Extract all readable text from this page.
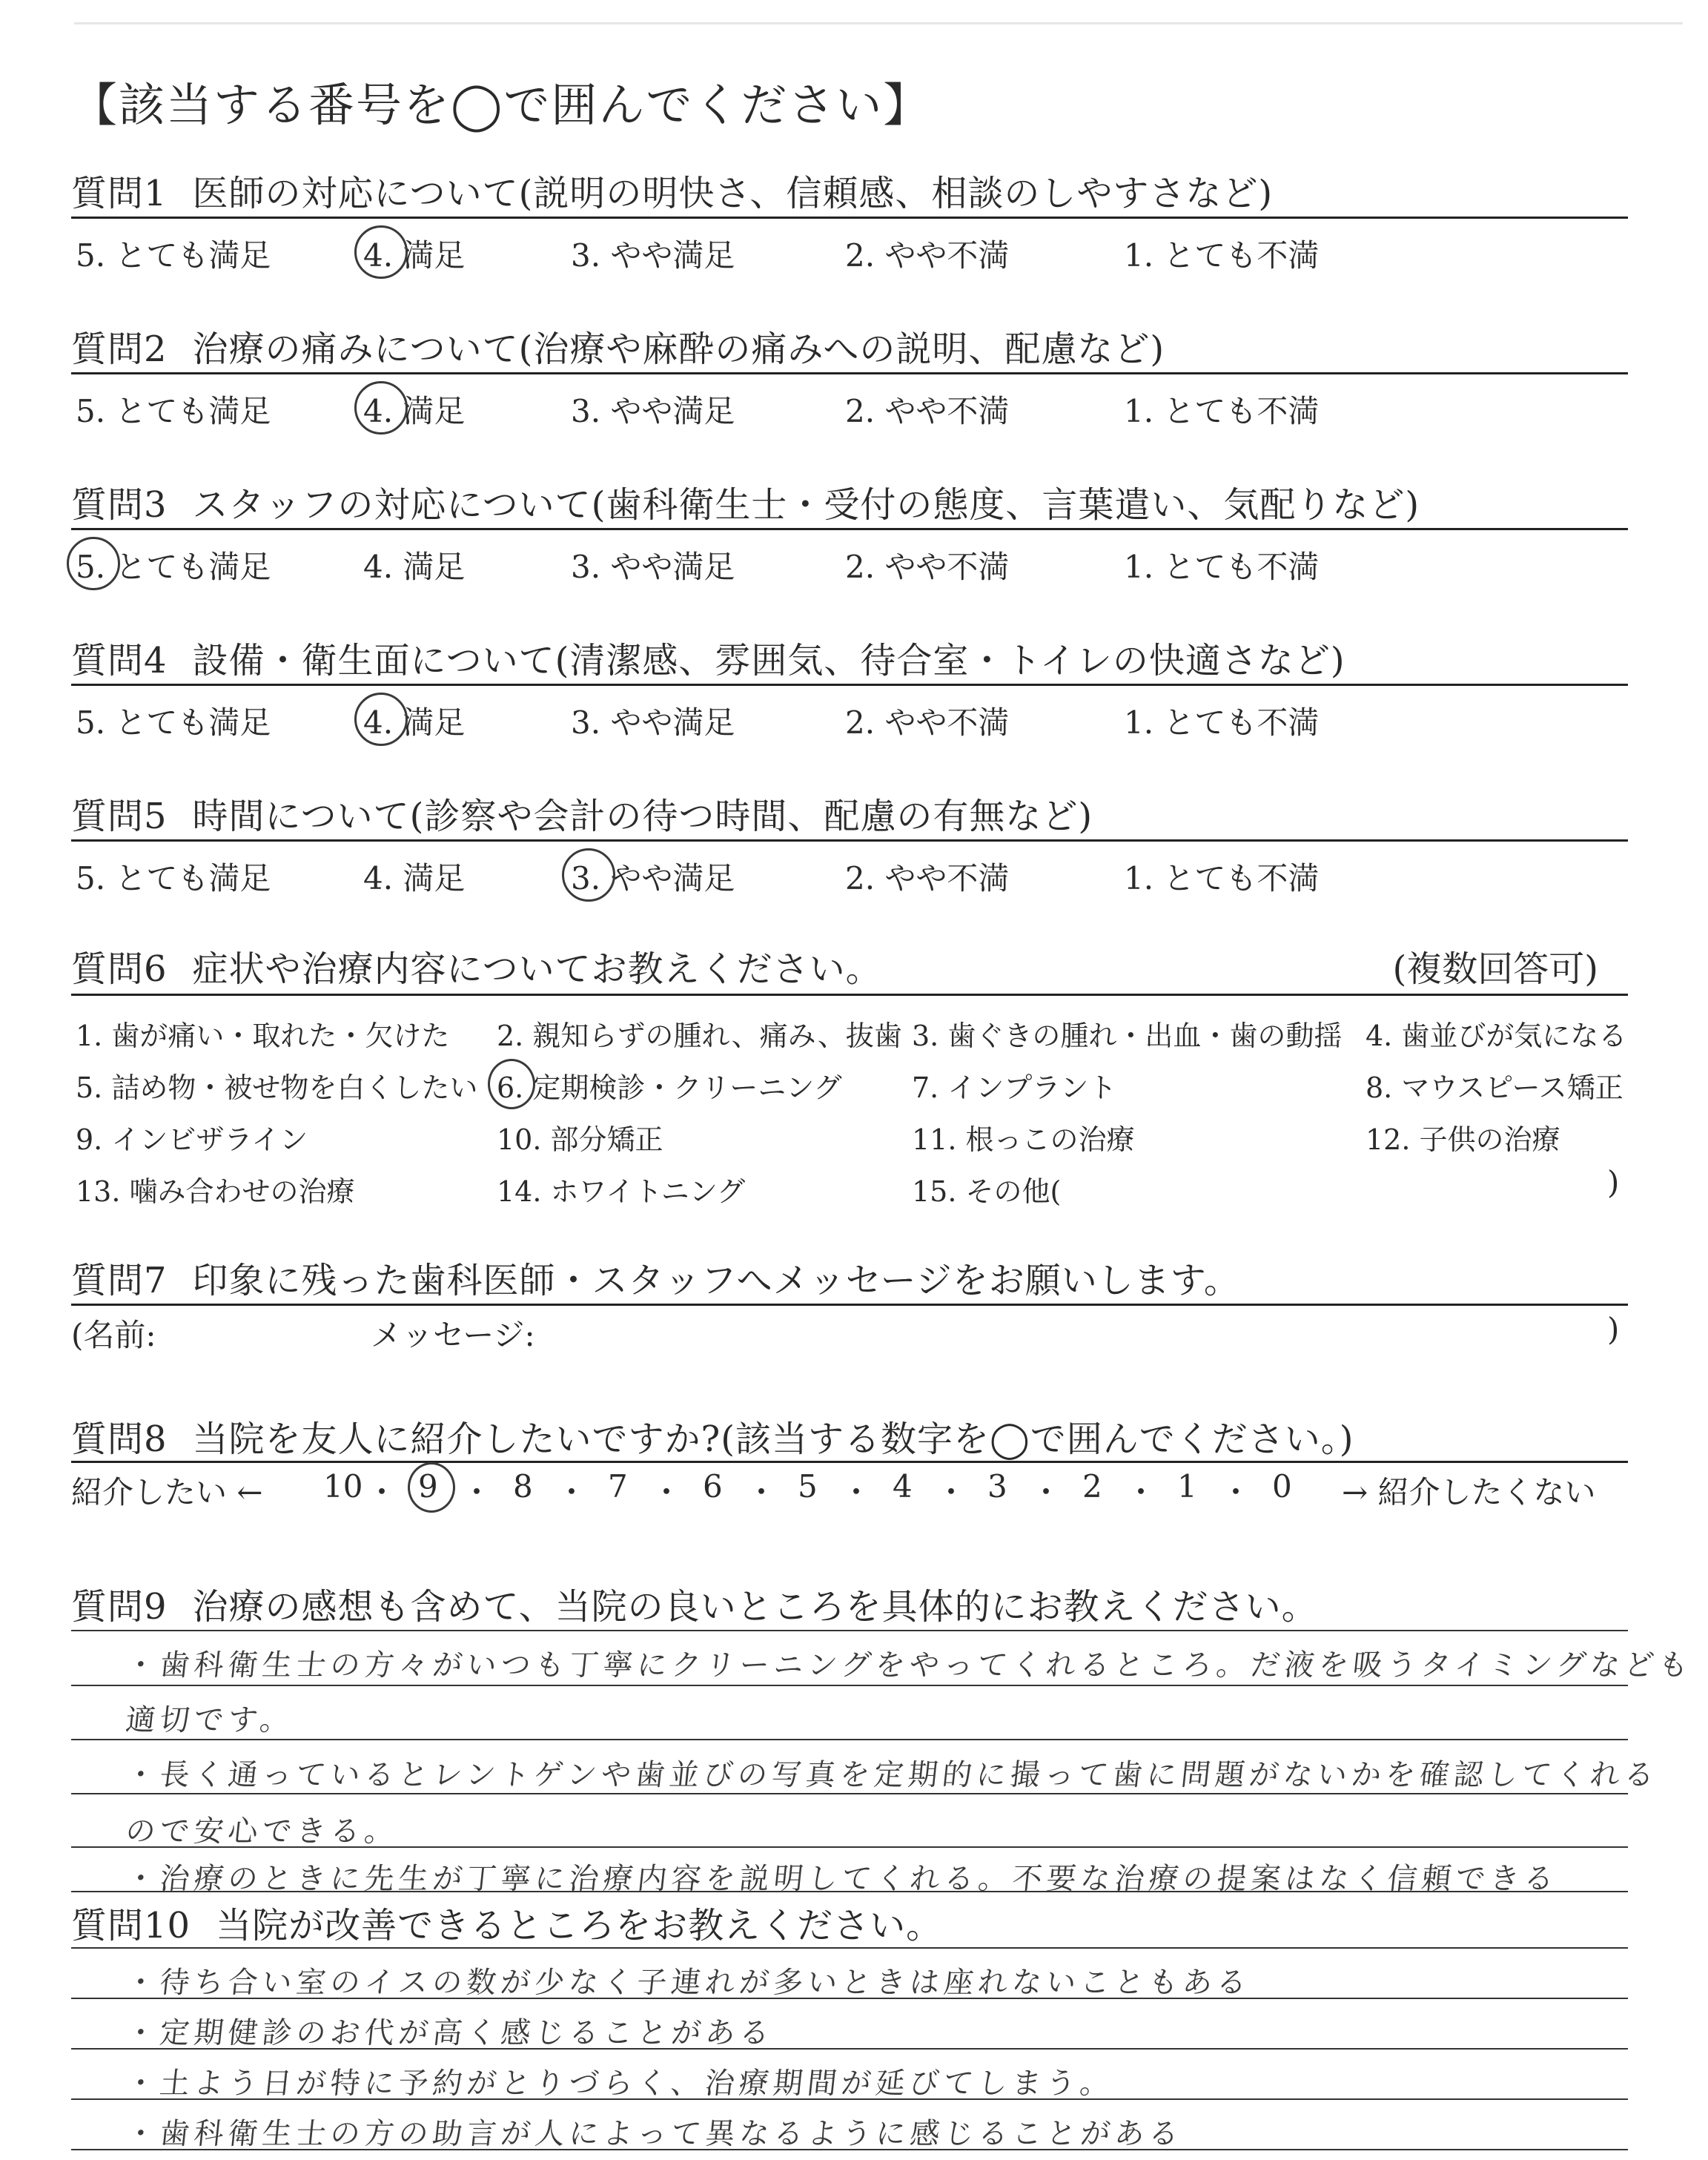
【該当する番号を◯で囲んでください】
質問1 医師の対応について(説明の明快さ、信頼感、相談のしやすさなど)
5. とても満足	4. 満足	3. やや満足	2. やや不満	1. とても不満
質問2 治療の痛みについて(治療や麻酔の痛みへの説明、配慮など)
5. とても満足	4. 満足	3. やや満足	2. やや不満	1. とても不満
質問3 スタッフの対応について(歯科衛生士・受付の態度、言葉遣い、気配りなど)
5. とても満足	4. 満足	3. やや満足	2. やや不満	1. とても不満
質問4 設備・衛生面について(清潔感、雰囲気、待合室・トイレの快適さなど)
5. とても満足	4. 満足	3. やや満足	2. やや不満	1. とても不満
質問5 時間について(診察や会計の待つ時間、配慮の有無など)
5. とても満足	4. 満足	3. やや満足	2. やや不満	1. とても不満
質問6 症状や治療内容についてお教えください。	(複数回答可)
1. 歯が痛い・取れた・欠けた 2. 親知らずの腫れ、痛み、抜歯 3. 歯ぐきの腫れ・出血・歯の動揺 4. 歯並びが気になる
5. 詰め物・被せ物を白くしたい 6. 定期検診・クリーニング 7. インプラント	8. マウスピース矯正
9. インビザライン	10. 部分矯正	11. 根っこの治療	12. 子供の治療
13. 噛み合わせの治療	14. ホワイトニング	15. その他(	)
質問7 印象に残った歯科医師・スタッフへメッセージをお願いします。
(名前:	メッセージ:	)
質問8 当院を友人に紹介したいですか?(該当する数字を◯で囲んでください。)
紹介したい ←	→ 紹介したくない
10 ・ 9 ・ 8 ・ 7 ・ 6 ・ 5 ・ 4 ・ 3 ・ 2 ・ 1 ・ 0
質問9 治療の感想も含めて、当院の良いところを具体的にお教えください。
・歯科衛生士の方々がいつも丁寧にクリーニングをやってくれるところ。だ液を吸うタイミングなども
適切です。
・長く通っているとレントゲンや歯並びの写真を定期的に撮って歯に問題がないかを確認してくれる
ので安心できる。
・治療のときに先生が丁寧に治療内容を説明してくれる。不要な治療の提案はなく信頼できる
質問10 当院が改善できるところをお教えください。
・待ち合い室のイスの数が少なく子連れが多いときは座れないこともある
・定期健診のお代が高く感じることがある
・土よう日が特に予約がとりづらく、治療期間が延びてしまう。
・歯科衛生士の方の助言が人によって異なるように感じることがある
